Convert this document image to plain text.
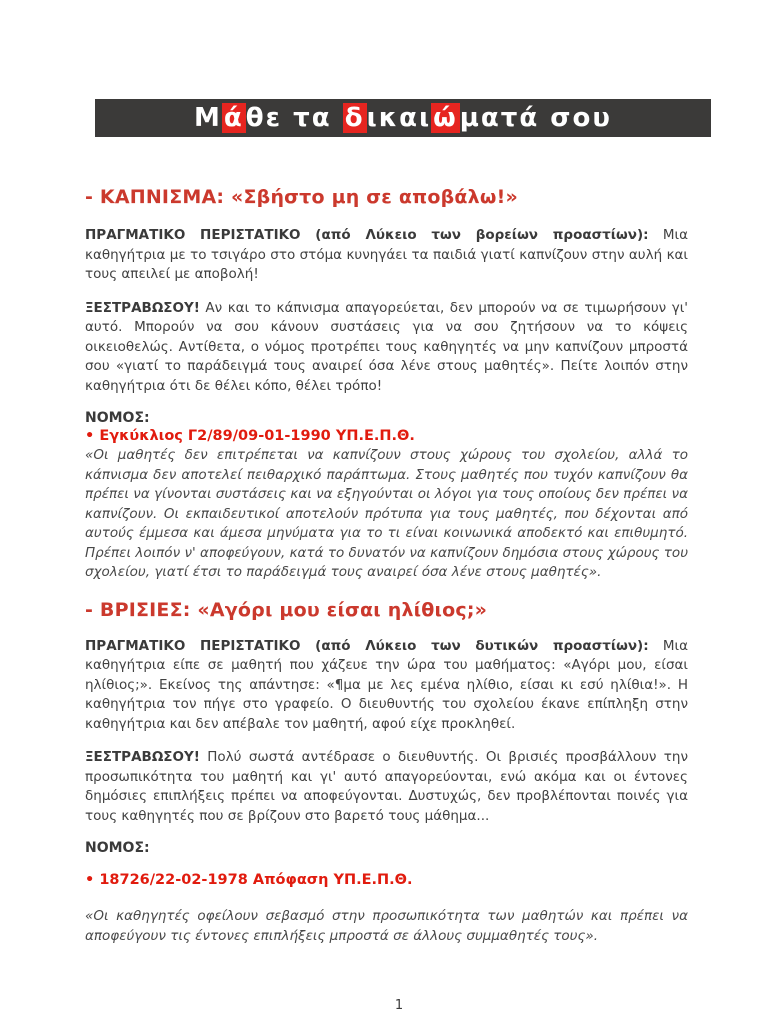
Μάθε τα δικαιώματά σου
- ΚΑΠΝΙΣΜΑ: «Σβήστο μη σε αποβάλω!»

ΠΡΑΓΜΑΤΙΚΟ ΠΕΡΙΣΤΑΤΙΚΟ (από Λύκειο των βορείων προαστίων): Μια καθηγήτρια με το τσιγάρο στο στόμα κυνηγάει τα παιδιά γιατί καπνίζουν στην αυλή και τους απειλεί με αποβολή!

ΞΕΣΤΡΑΒΩΣΟΥ! Αν και το κάπνισμα απαγορεύεται, δεν μπορούν να σε τιμωρήσουν γι' αυτό. Μπορούν να σου κάνουν συστάσεις για να σου ζητήσουν να το κόψεις οικειοθελώς. Αντίθετα, ο νόμος προτρέπει τους καθηγητές να μην καπνίζουν μπροστά σου «γιατί το παράδειγμά τους αναιρεί όσα λένε στους μαθητές». Πείτε λοιπόν στην καθηγήτρια ότι δε θέλει κόπο, θέλει τρόπο!

ΝΟΜΟΣ:
• Εγκύκλιος Γ2/89/09-01-1990 ΥΠ.Ε.Π.Θ.

«Οι μαθητές δεν επιτρέπεται να καπνίζουν στους χώρους του σχολείου, αλλά το κάπνισμα δεν αποτελεί πειθαρχικό παράπτωμα. Στους μαθητές που τυχόν καπνίζουν θα πρέπει να γίνονται συστάσεις και να εξηγούνται οι λόγοι για τους οποίους δεν πρέπει να καπνίζουν. Οι εκπαιδευτικοί αποτελούν πρότυπα για τους μαθητές, που δέχονται από αυτούς έμμεσα και άμεσα μηνύματα για το τι είναι κοινωνικά αποδεκτό και επιθυμητό. Πρέπει λοιπόν ν' αποφεύγουν, κατά το δυνατόν να καπνίζουν δημόσια στους χώρους του σχολείου, γιατί έτσι το παράδειγμά τους αναιρεί όσα λένε στους μαθητές».

- ΒΡΙΣΙΕΣ: «Αγόρι μου είσαι ηλίθιος;»

ΠΡΑΓΜΑΤΙΚΟ ΠΕΡΙΣΤΑΤΙΚΟ (από Λύκειο των δυτικών προαστίων): Μια καθηγήτρια είπε σε μαθητή που χάζευε την ώρα του μαθήματος: «Αγόρι μου, είσαι ηλίθιος;». Εκείνος της απάντησε: «¶μα με λες εμένα ηλίθιο, είσαι κι εσύ ηλίθια!». Η καθηγήτρια τον πήγε στο γραφείο. Ο διευθυντής του σχολείου έκανε επίπληξη στην καθηγήτρια και δεν απέβαλε τον μαθητή, αφού είχε προκληθεί.

ΞΕΣΤΡΑΒΩΣΟΥ! Πολύ σωστά αντέδρασε ο διευθυντής. Οι βρισιές προσβάλλουν την προσωπικότητα του μαθητή και γι' αυτό απαγορεύονται, ενώ ακόμα και οι έντονες δημόσιες επιπλήξεις πρέπει να αποφεύγονται. Δυστυχώς, δεν προβλέπονται ποινές για τους καθηγητές που σε βρίζουν στο βαρετό τους μάθημα...

ΝΟΜΟΣ:
• 18726/22-02-1978 Απόφαση ΥΠ.Ε.Π.Θ.

«Οι καθηγητές οφείλουν σεβασμό στην προσωπικότητα των μαθητών και πρέπει να αποφεύγουν τις έντονες επιπλήξεις μπροστά σε άλλους συμμαθητές τους».

1
